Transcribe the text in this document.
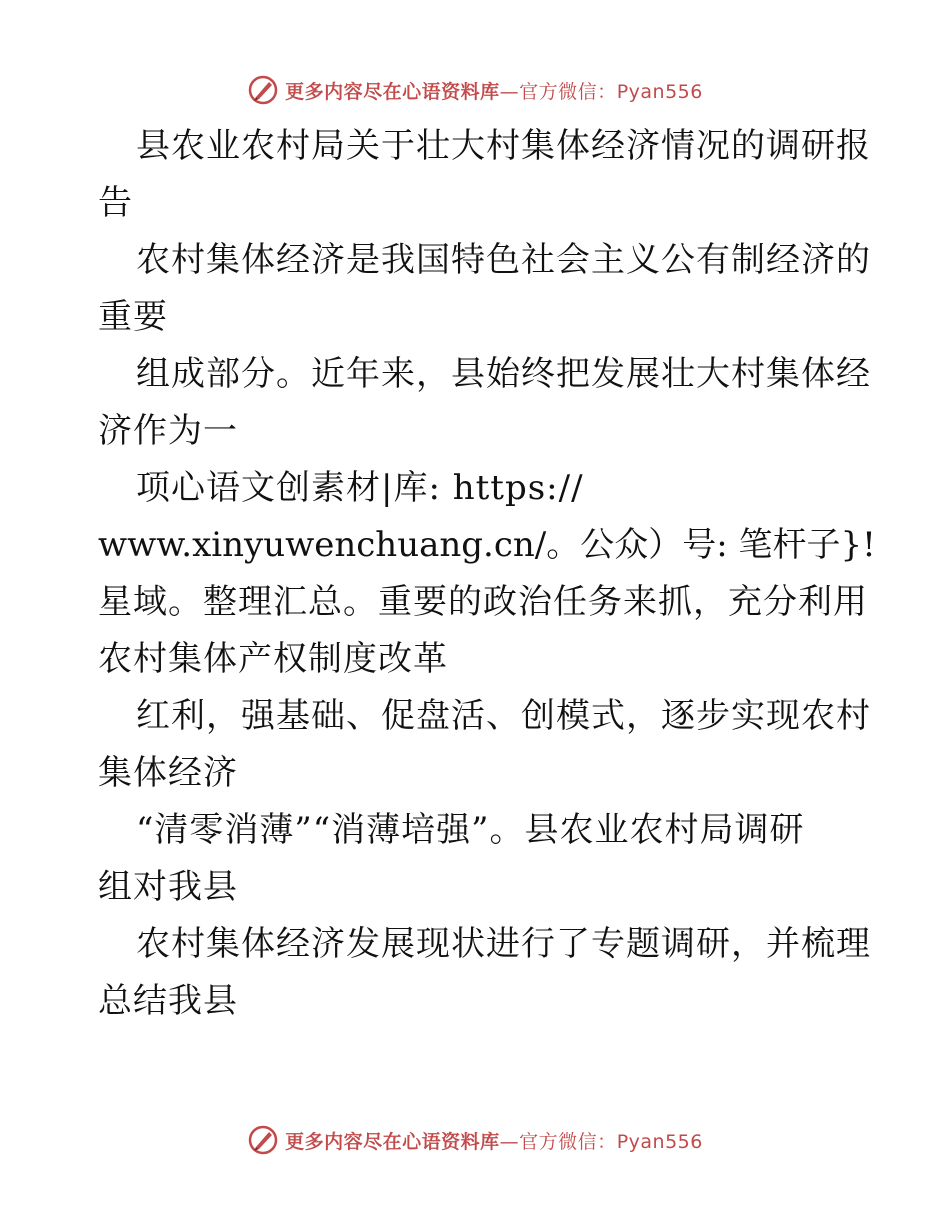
更多内容尽在心语资料库—官方微信：Pyan556
县农业农村局关于壮大村集体经济情况的调研报
告
农村集体经济是我国特色社会主义公有制经济的
重要
组成部分。近年来，县始终把发展壮大村集体经
济作为一
项心语文创素材|库: https://
www.xinyuwenchuang.cn/。公众）号: 笔杆子}!
星域。整理汇总。重要的政治任务来抓，充分利用
农村集体产权制度改革
红利，强基础、促盘活、创模式，逐步实现农村
集体经济
“清零消薄”“消薄培强”。县农业农村局调研
组对我县
农村集体经济发展现状进行了专题调研，并梳理
总结我县
更多内容尽在心语资料库—官方微信：Pyan556
